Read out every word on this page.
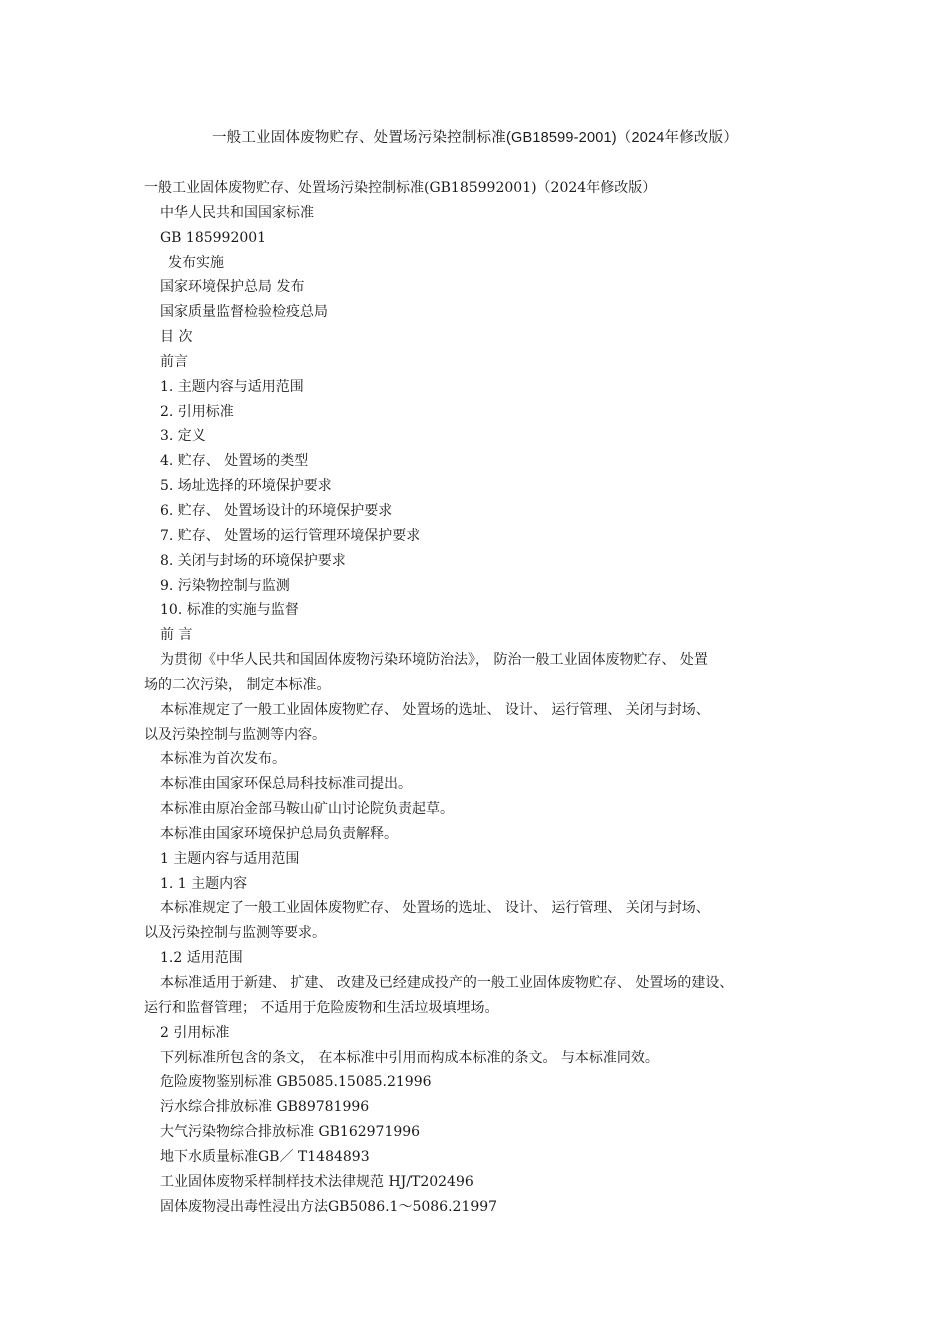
一般工业固体废物贮存、处置场污染控制标准(GB18599-2001)（2024年修改版）
一般工业固体废物贮存、处置场污染控制标准(GB185992001)（2024年修改版）
中华人民共和国国家标准
GB 185992001
发布实施
国家环境保护总局 发布
国家质量监督检验检疫总局
目 次
前言
1. 主题内容与适用范围
2. 引用标准
3. 定义
4. 贮存、 处置场的类型
5. 场址选择的环境保护要求
6. 贮存、 处置场设计的环境保护要求
7. 贮存、 处置场的运行管理环境保护要求
8. 关闭与封场的环境保护要求
9. 污染物控制与监测
10. 标准的实施与监督
前 言
为贯彻《中华人民共和国固体废物污染环境防治法》， 防治一般工业固体废物贮存、 处置
场的二次污染， 制定本标准。
本标准规定了一般工业固体废物贮存、 处置场的选址、 设计、 运行管理、 关闭与封场、
以及污染控制与监测等内容。
本标准为首次发布。
本标准由国家环保总局科技标准司提出。
本标准由原冶金部马鞍山矿山讨论院负责起草。
本标准由国家环境保护总局负责解释。
1 主题内容与适用范围
1. 1 主题内容
本标准规定了一般工业固体废物贮存、 处置场的选址、 设计、 运行管理、 关闭与封场、
以及污染控制与监测等要求。
1.2 适用范围
本标准适用于新建、 扩建、 改建及已经建成投产的一般工业固体废物贮存、 处置场的建设、
运行和监督管理； 不适用于危险废物和生活垃圾填埋场。
2 引用标准
下列标准所包含的条文， 在本标准中引用而构成本标准的条文。 与本标准同效。
危险废物鉴别标准 GB5085.15085.21996
污水综合排放标准 GB89781996
大气污染物综合排放标准 GB162971996
地下水质量标准GB／ T1484893
工业固体废物采样制样技术法律规范 HJ/T202496
固体废物浸出毒性浸出方法GB5086.1～5086.21997
